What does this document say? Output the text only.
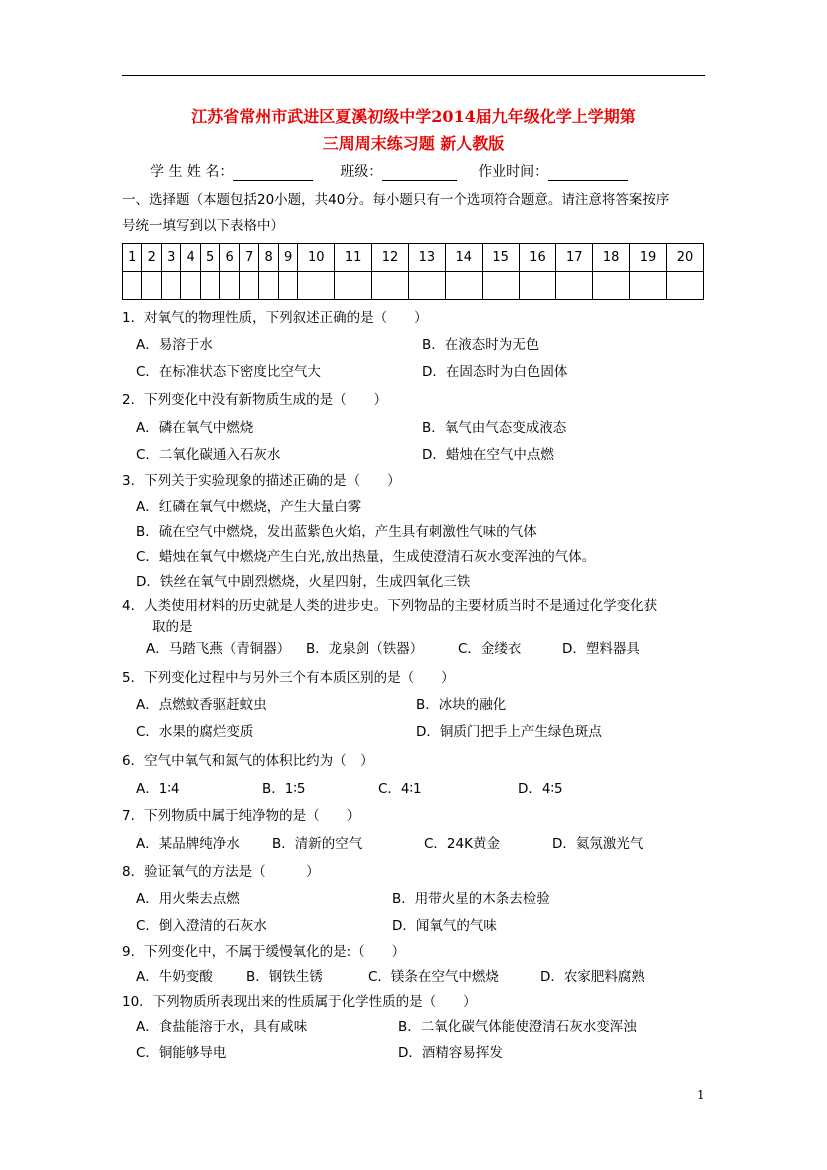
江苏省常州市武进区夏溪初级中学2014届九年级化学上学期第
三周周末练习题 新人教版
学 生 姓 名：	班级：	作业时间：
一、选择题（本题包括20小题，共40分。每小题只有一个选项符合题意。请注意将答案按序
号统一填写到以下表格中）
1	2	3	4	5	6	7	8	9	10	11	12	13	14	15	16	17	18	19	20

1．对氧气的物理性质，下列叙述正确的是（　　）
A．易溶于水	B．在液态时为无色
C．在标准状态下密度比空气大	D．在固态时为白色固体
2．下列变化中没有新物质生成的是（　　）
A．磷在氧气中燃烧	B．氧气由气态变成液态
C．二氧化碳通入石灰水	D．蜡烛在空气中点燃
3．下列关于实验现象的描述正确的是（　　）
A．红磷在氧气中燃烧，产生大量白雾
B．硫在空气中燃烧，发出蓝紫色火焰，产生具有刺激性气味的气体
C．蜡烛在氧气中燃烧产生白光,放出热量，生成使澄清石灰水变浑浊的气体。
D．铁丝在氧气中剧烈燃烧，火星四射，生成四氧化三铁
4．人类使用材料的历史就是人类的进步史。下列物品的主要材质当时不是通过化学变化获
取的是
A．马踏飞燕（青铜器） B．龙泉剑（铁器）	C．金缕衣	D．塑料器具
5．下列变化过程中与另外三个有本质区别的是（　　）
A．点燃蚊香驱赶蚊虫	B．冰块的融化
C．水果的腐烂变质	D．铜质门把手上产生绿色斑点
6．空气中氧气和氮气的体积比约为（　）
A．1∶4	B．1∶5	C．4∶1	D．4∶5
7．下列物质中属于纯净物的是（　　）
A．某品牌纯净水 B．清新的空气	C．24K黄金	D．氦氖激光气
8．验证氧气的方法是（　　　）
A．用火柴去点燃	B．用带火星的木条去检验
C．倒入澄清的石灰水	D．闻氧气的气味
9．下列变化中，不属于缓慢氧化的是:（　　）
A．牛奶变酸 B．钢铁生锈	C．镁条在空气中燃烧	D．农家肥料腐熟
10．下列物质所表现出来的性质属于化学性质的是（　　）
A．食盐能溶于水，具有咸味	B．二氧化碳气体能使澄清石灰水变浑浊
C．铜能够导电	D．酒精容易挥发
1
